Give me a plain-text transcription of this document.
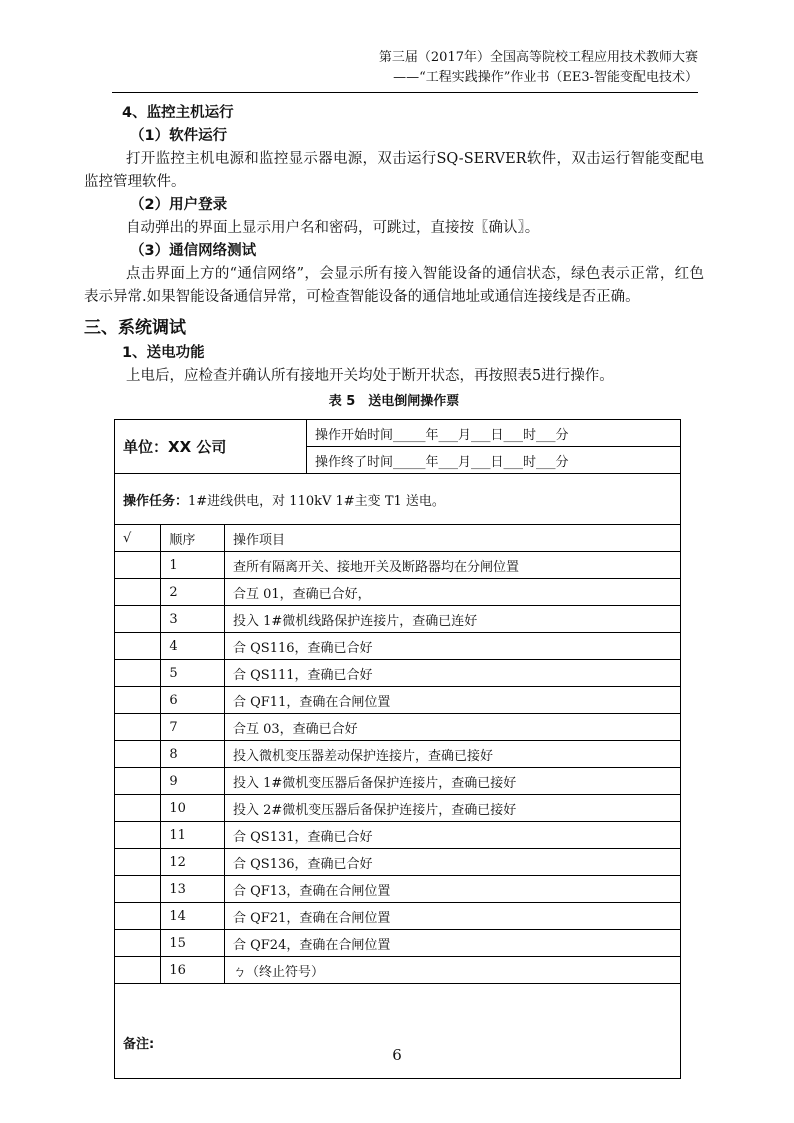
第三届（2017年）全国高等院校工程应用技术教师大赛
——“工程实践操作”作业书（EE3-智能变配电技术）
4、监控主机运行
（1）软件运行

打开监控主机电源和监控显示器电源，双击运行SQ-SERVER软件，双击运行智能变配电监控管理软件。

（2）用户登录

自动弹出的界面上显示用户名和密码，可跳过，直接按〖确认〗。

（3）通信网络测试

点击界面上方的“通信网络”，会显示所有接入智能设备的通信状态，绿色表示正常，红色表示异常.如果智能设备通信异常，可检查智能设备的通信地址或通信连接线是否正确。

三、系统调试
1、送电功能

上电后，应检查并确认所有接地开关均处于断开状态，再按照表5进行操作。

表 5　送电倒闸操作票
单位：XX 公司			操作开始时间_____年___月___日___时___分
			操作终了时间_____年___月___日___时___分
操作任务：1#进线供电，对 110kV 1#主变 T1 送电。			
√	顺序	操作项目	
	1	查所有隔离开关、接地开关及断路器均在分闸位置	
	2	合互 01，查确已合好，	
	3	投入 1#微机线路保护连接片，查确已连好	
	4	合 QS116，查确已合好	
	5	合 QS111，查确已合好	
	6	合 QF11，查确在合闸位置	
	7	合互 03，查确已合好	
	8	投入微机变压器差动保护连接片，查确已接好	
	9	投入 1#微机变压器后备保护连接片，查确已接好	
	10	投入 2#微机变压器后备保护连接片，查确已接好	
	11	合 QS131，查确已合好	
	12	合 QS136，查确已合好	
	13	合 QF13，查确在合闸位置	
	14	合 QF21，查确在合闸位置	
	15	合 QF24，查确在合闸位置	
	16	ㄅ（终止符号）	
备注:			
6
